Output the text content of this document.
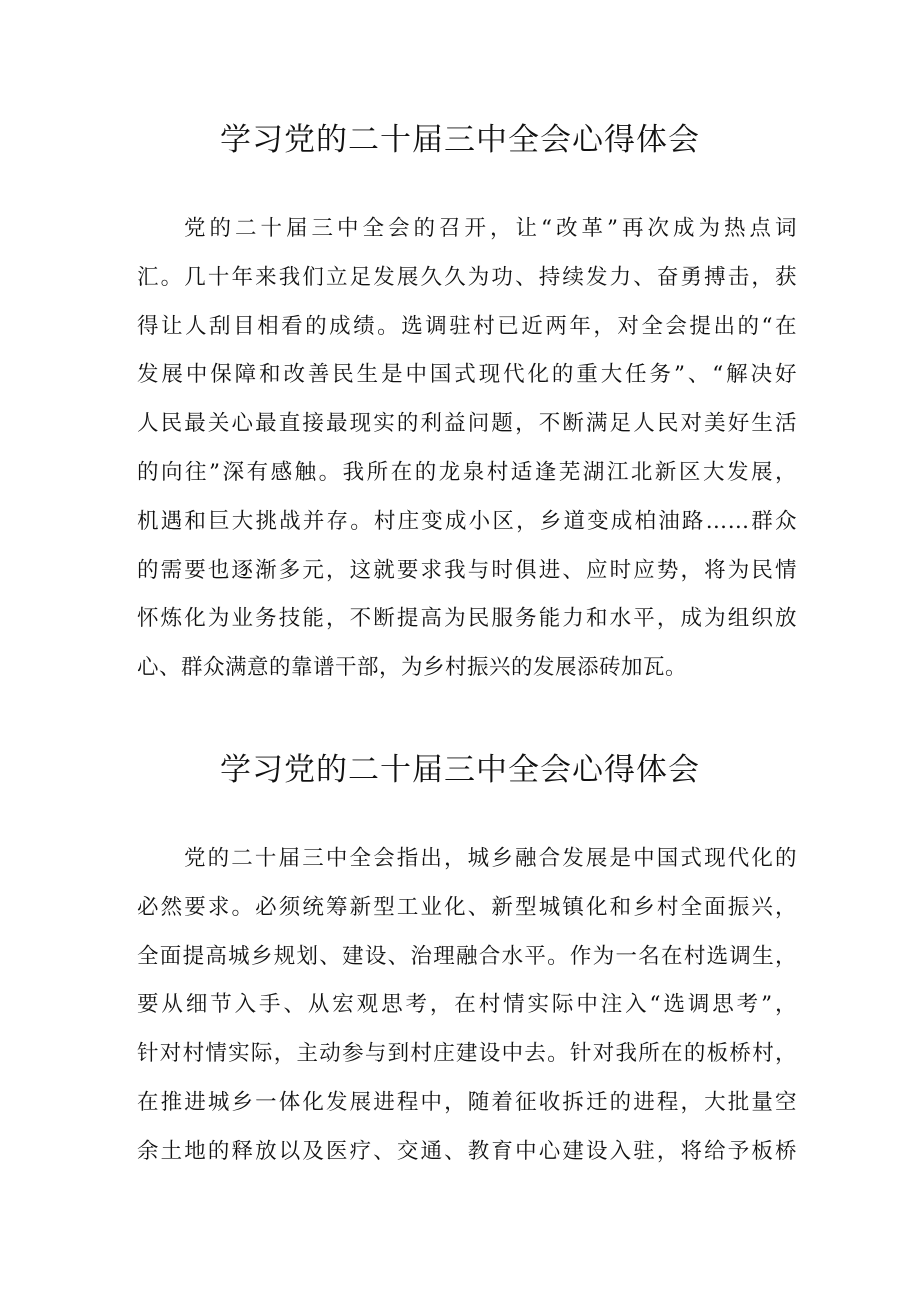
学习党的二十届三中全会心得体会
党的二十届三中全会的召开，让“改革”再次成为热点词
汇。几十年来我们立足发展久久为功、持续发力、奋勇搏击，获
得让人刮目相看的成绩。选调驻村已近两年，对全会提出的“在
发展中保障和改善民生是中国式现代化的重大任务”、“解决好
人民最关心最直接最现实的利益问题，不断满足人民对美好生活
的向往”深有感触。我所在的龙泉村适逢芜湖江北新区大发展，
机遇和巨大挑战并存。村庄变成小区，乡道变成柏油路……群众
的需要也逐渐多元，这就要求我与时俱进、应时应势，将为民情
怀炼化为业务技能，不断提高为民服务能力和水平，成为组织放
心、群众满意的靠谱干部，为乡村振兴的发展添砖加瓦。
学习党的二十届三中全会心得体会
党的二十届三中全会指出，城乡融合发展是中国式现代化的
必然要求。必须统筹新型工业化、新型城镇化和乡村全面振兴，
全面提高城乡规划、建设、治理融合水平。作为一名在村选调生，
要从细节入手、从宏观思考，在村情实际中注入“选调思考”，
针对村情实际，主动参与到村庄建设中去。针对我所在的板桥村，
在推进城乡一体化发展进程中，随着征收拆迁的进程，大批量空
余土地的释放以及医疗、交通、教育中心建设入驻，将给予板桥
